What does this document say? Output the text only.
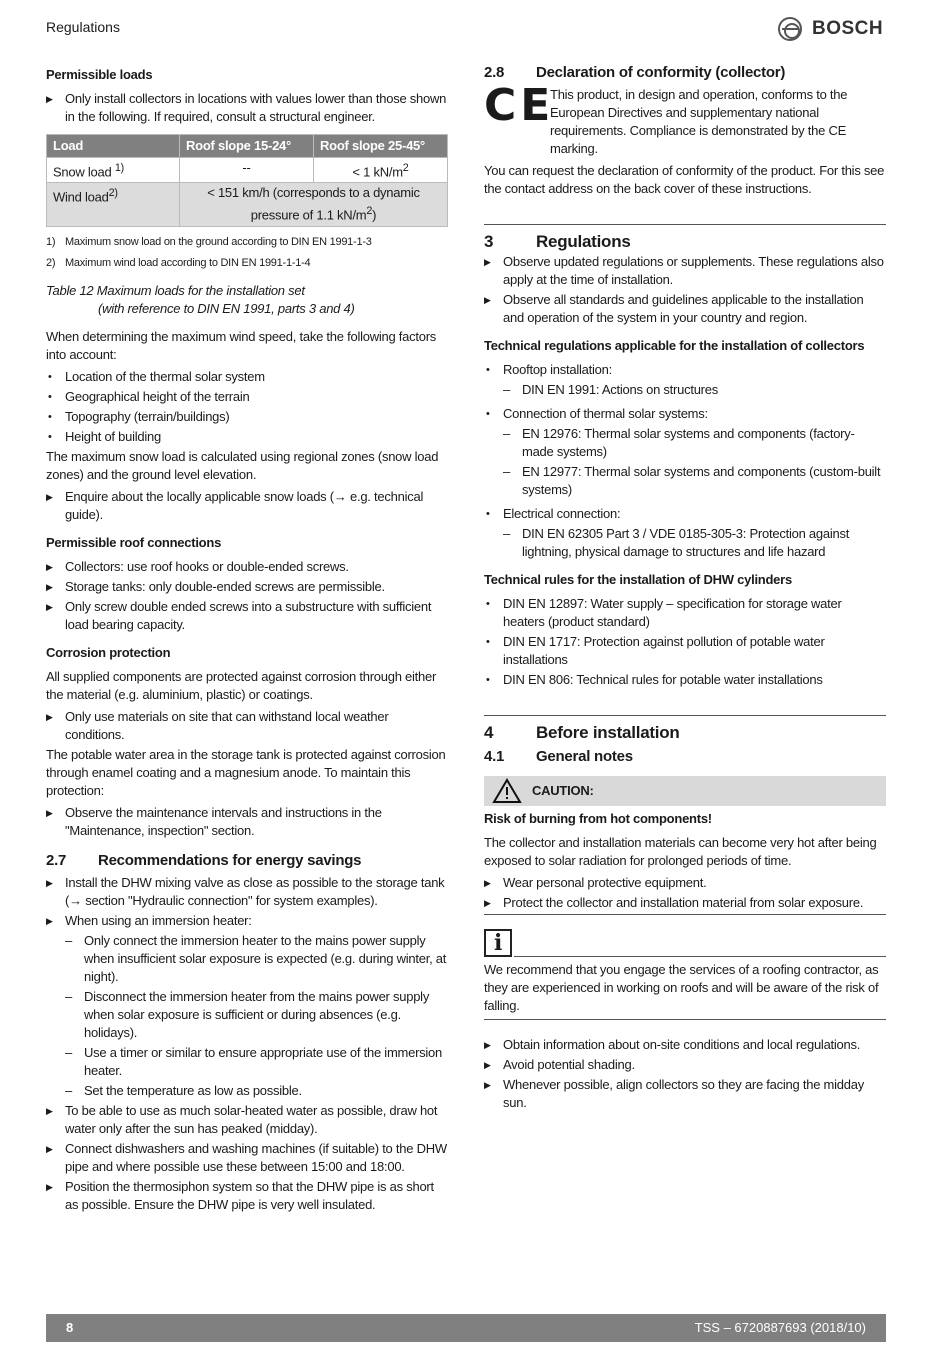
Regulations	BOSCH
Permissible loads
▶ Only install collectors in locations with values lower than those shown in the following. If required, consult a structural engineer.
Load	Roof slope 15-24°	Roof slope 25-45°
Snow load $^{1)}$	--	< 1 $kN/m^2$
Wind load$^{2)}$	< 151 km/h (corresponds to a dynamic pressure of 1.1 $kN/m^2$)	
1) Maximum snow load on the ground according to DIN EN 1991-1-3
2) Maximum wind load according to DIN EN 1991-1-1-4
Table 12 Maximum loads for the installation set
(with reference to DIN EN 1991, parts 3 and 4)

When determining the maximum wind speed, take the following factors into account:

• Location of the thermal solar system
• Geographical height of the terrain
• Topography (terrain/buildings)
• Height of building

The maximum snow load is calculated using regional zones (snow load zones) and the ground level elevation.

▶ Enquire about the locally applicable snow loads (→ e.g. technical guide).
Permissible roof connections
▶ Collectors: use roof hooks or double-ended screws.
▶ Storage tanks: only double-ended screws are permissible.
▶ Only screw double ended screws into a substructure with sufficient load bearing capacity.
Corrosion protection

All supplied components are protected against corrosion through either the material (e.g. aluminium, plastic) or coatings.

▶ Only use materials on site that can withstand local weather conditions.

The potable water area in the storage tank is protected against corrosion through enamel coating and a magnesium anode. To maintain this protection:

▶ Observe the maintenance intervals and instructions in the "Maintenance, inspection" section.
2.7	Recommendations for energy savings
▶ Install the DHW mixing valve as close as possible to the storage tank (→ section "Hydraulic connection" for system examples).
▶ When using an immersion heater:
– Only connect the immersion heater to the mains power supply when insufficient solar exposure is expected (e.g. during winter, at night).
– Disconnect the immersion heater from the mains power supply when solar exposure is sufficient or during absences (e.g. holidays).
– Use a timer or similar to ensure appropriate use of the immersion heater.
– Set the temperature as low as possible.
▶ To be able to use as much solar-heated water as possible, draw hot water only after the sun has peaked (midday).
▶ Connect dishwashers and washing machines (if suitable) to the DHW pipe and where possible use these between 15:00 and 18:00.
▶ Position the thermosiphon system so that the DHW pipe is as short as possible. Ensure the DHW pipe is very well insulated.
2.8	Declaration of conformity (collector)
CE
This product, in design and operation, conforms to the European Directives and supplementary national requirements. Compliance is demonstrated by the CE marking.

You can request the declaration of conformity of the product. For this see the contact address on the back cover of these instructions.

3	Regulations
▶ Observe updated regulations or supplements. These regulations also apply at the time of installation.
▶ Observe all standards and guidelines applicable to the installation and operation of the system in your country and region.
Technical regulations applicable for the installation of collectors
• Rooftop installation:
– DIN EN 1991: Actions on structures
• Connection of thermal solar systems:
– EN 12976: Thermal solar systems and components (factory-made systems)
– EN 12977: Thermal solar systems and components (custom-built systems)
• Electrical connection:
– DIN EN 62305 Part 3 / VDE 0185-305-3: Protection against lightning, physical damage to structures and life hazard
Technical rules for the installation of DHW cylinders
• DIN EN 12897: Water supply – specification for storage water heaters (product standard)
• DIN EN 1717: Protection against pollution of potable water installations
• DIN EN 806: Technical rules for potable water installations
4	Before installation
4.1	General notes
CAUTION:
Risk of burning from hot components!

The collector and installation materials can become very hot after being exposed to solar radiation for prolonged periods of time.

▶ Wear personal protective equipment.
▶ Protect the collector and installation material from solar exposure.
i

We recommend that you engage the services of a roofing contractor, as they are experienced in working on roofs and will be aware of the risk of falling.

▶ Obtain information about on-site conditions and local regulations.
▶ Avoid potential shading.
▶ Whenever possible, align collectors so they are facing the midday sun.
8	TSS – 6720887693 (2018/10)
